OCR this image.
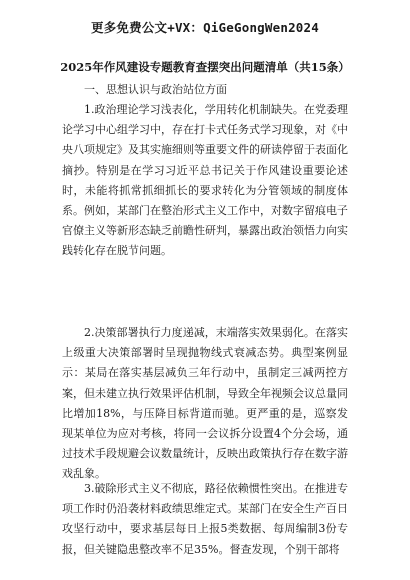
更多免费公文+VX：QiGeGongWen2024
2025年作风建设专题教育查摆突出问题清单（共15条）
一、思想认识与政治站位方面

1.政治理论学习浅表化，学用转化机制缺失。在党委理论学习中心组学习中，存在打卡式任务式学习现象，对《中央八项规定》及其实施细则等重要文件的研读停留于表面化摘抄。特别是在学习习近平总书记关于作风建设重要论述时，未能将抓常抓细抓长的要求转化为分管领域的制度体系。例如，某部门在整治形式主义工作中，对数字留痕电子官僚主义等新形态缺乏前瞻性研判，暴露出政治领悟力向实践转化存在脱节问题。

2.决策部署执行力度递减，末端落实效果弱化。在落实上级重大决策部署时呈现抛物线式衰减态势。典型案例显示：某局在落实基层减负三年行动中，虽制定三减两控方案，但未建立执行效果评估机制，导致全年视频会议总量同比增加18%，与压降目标背道而驰。更严重的是，巡察发现某单位为应对考核，将同一会议拆分设置4个分会场，通过技术手段规避会议数量统计，反映出政策执行存在数字游戏乱象。

3.破除形式主义不彻底，路径依赖惯性突出。在推进专项工作时仍沿袭材料政绩思维定式。某部门在安全生产百日攻坚行动中，要求基层每日上报5类数据、每周编制3份专报，但关键隐患整改率不足35%。督查发现，个别干部将
